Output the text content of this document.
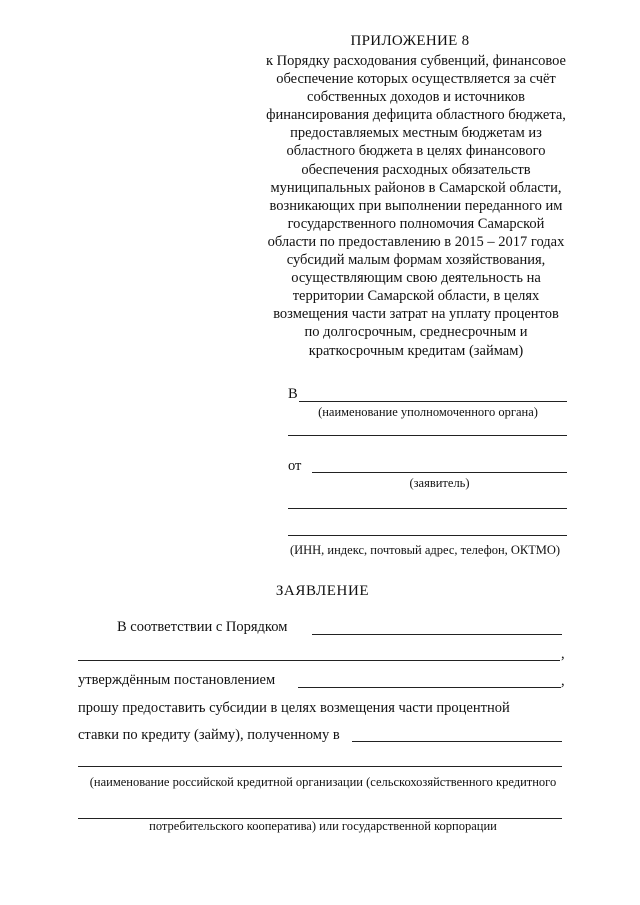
ПРИЛОЖЕНИЕ 8
к Порядку расходования субвенций, финансовое
обеспечение которых осуществляется за счёт
собственных доходов и источников
финансирования дефицита областного бюджета,
предоставляемых местным бюджетам из
областного бюджета в целях финансового
обеспечения расходных обязательств
муниципальных районов в Самарской области,
возникающих при выполнении переданного им
государственного полномочия Самарской
области по предоставлению в 2015 – 2017 годах
субсидий малым формам хозяйствования,
осуществляющим свою деятельность на
территории Самарской области, в целях
возмещения части затрат на уплату процентов
по долгосрочным, среднесрочным и
краткосрочным кредитам (займам)
В
(наименование уполномоченного органа)
от
(заявитель)
(ИНН, индекс, почтовый адрес, телефон, ОКТМО)
ЗАЯВЛЕНИЕ
В соответствии с Порядком
,
утверждённым постановлением	,
прошу предоставить субсидии в целях возмещения части процентной
ставки по кредиту (займу), полученному в
(наименование российской кредитной организации (сельскохозяйственного кредитного
потребительского кооператива) или государственной корпорации
